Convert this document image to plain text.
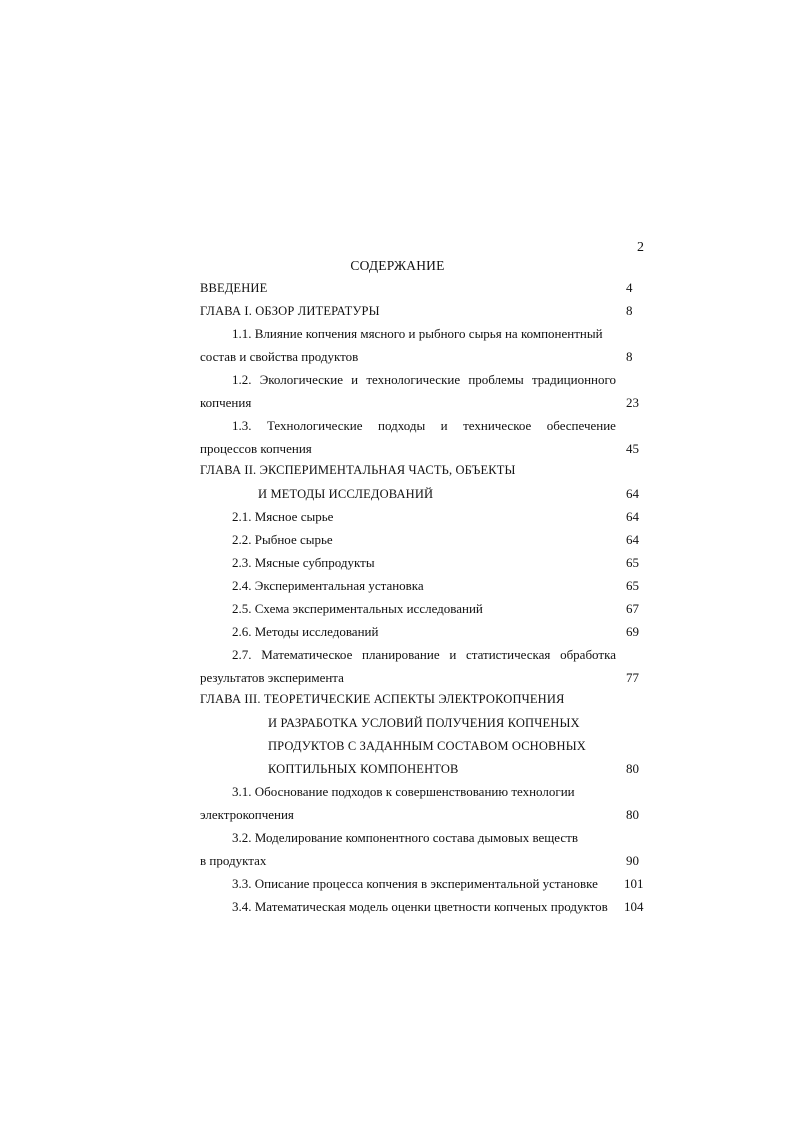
2
СОДЕРЖАНИЕ
ВВЕДЕНИЕ	4
ГЛАВА I. ОБЗОР ЛИТЕРАТУРЫ	8
1.1. Влияние копчения мясного и рыбного сырья на компонентный
состав и свойства продуктов	8
1.2. Экологические и технологические проблемы традиционного
копчения	23
1.3. Технологические подходы и техническое обеспечение
процессов копчения	45
ГЛАВА II. ЭКСПЕРИМЕНТАЛЬНАЯ ЧАСТЬ, ОБЪЕКТЫ
И МЕТОДЫ ИССЛЕДОВАНИЙ	64
2.1. Мясное сырье	64
2.2. Рыбное сырье	64
2.3. Мясные субпродукты	65
2.4. Экспериментальная установка	65
2.5. Схема экспериментальных исследований	67
2.6. Методы исследований	69
2.7. Математическое планирование и статистическая обработка
результатов эксперимента	77
ГЛАВА III. ТЕОРЕТИЧЕСКИЕ АСПЕКТЫ ЭЛЕКТРОКОПЧЕНИЯ
И РАЗРАБОТКА УСЛОВИЙ ПОЛУЧЕНИЯ КОПЧЕНЫХ
ПРОДУКТОВ С ЗАДАННЫМ СОСТАВОМ ОСНОВНЫХ
КОПТИЛЬНЫХ КОМПОНЕНТОВ	80
3.1. Обоснование подходов к совершенствованию технологии
электрокопчения	80
3.2. Моделирование компонентного состава дымовых веществ
в продуктах	90
3.3. Описание процесса копчения в экспериментальной установке 101
3.4. Математическая модель оценки цветности копченых продуктов 104
